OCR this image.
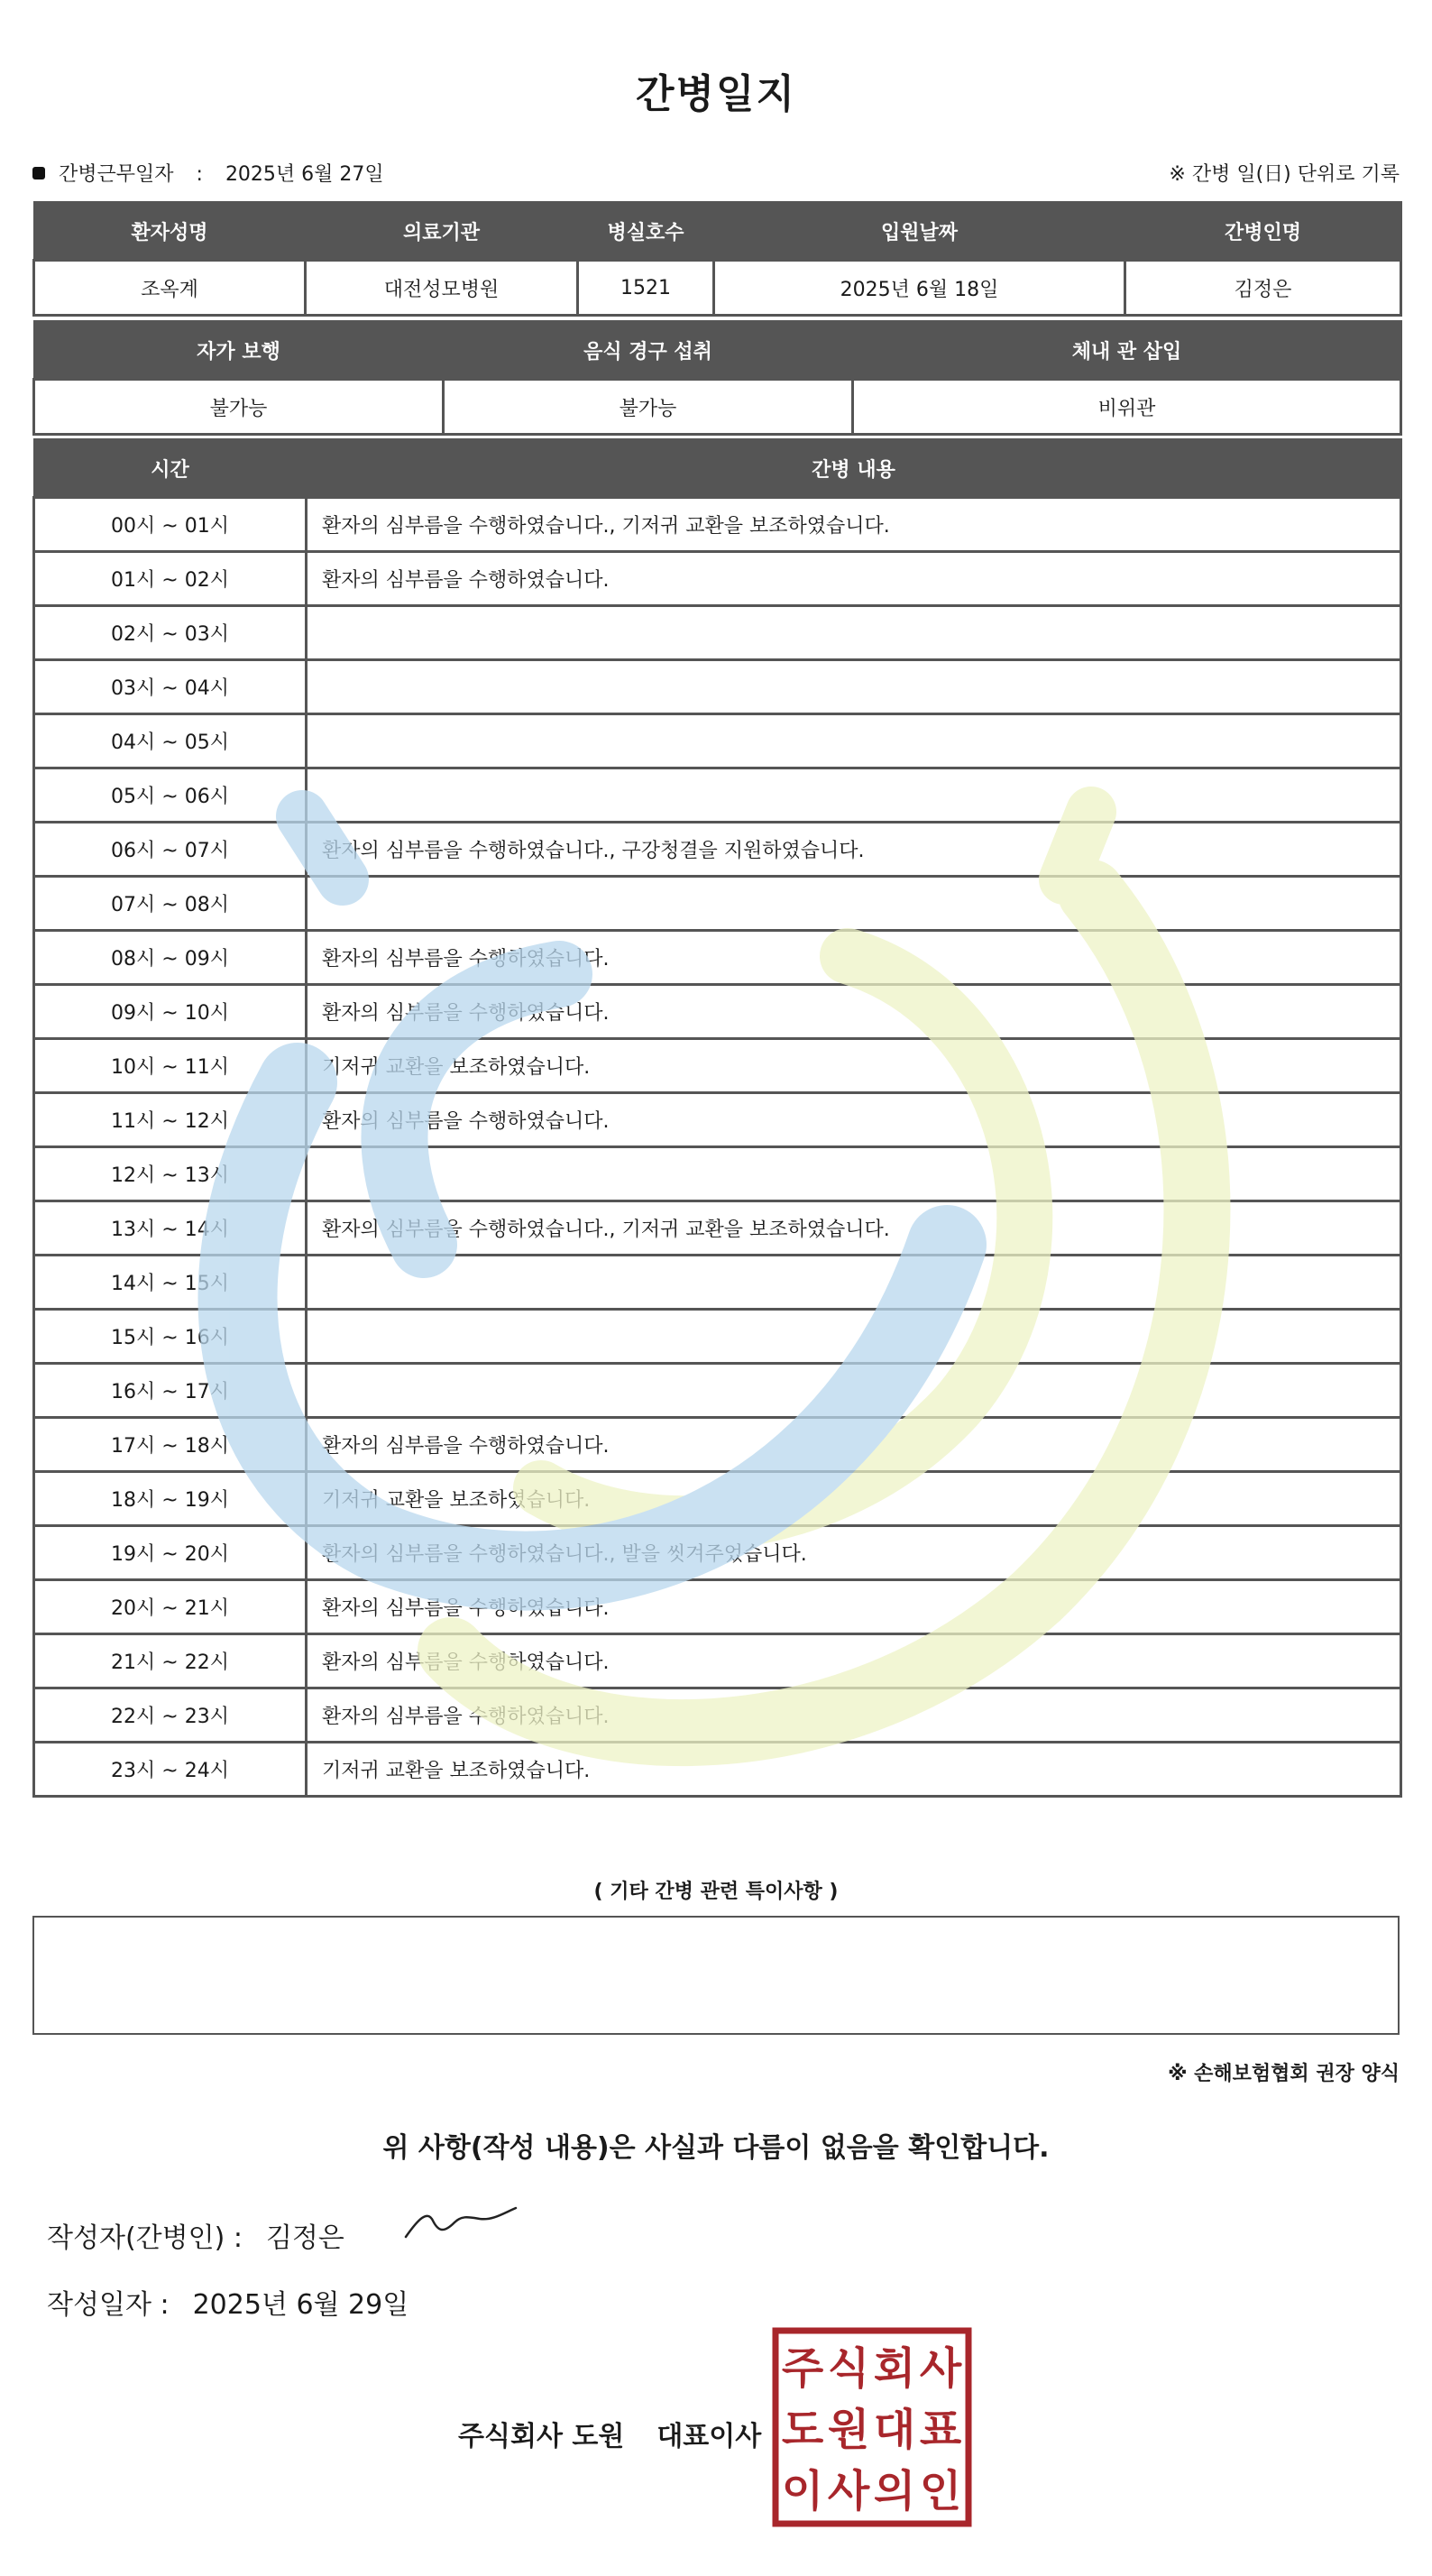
간병일지
간병근무일자 : 2025년 6월 27일	※ 간병 일(日) 단위로 기록
환자성명	의료기관	병실호수	입원날짜	간병인명
조옥계	대전성모병원	1521	2025년 6월 18일	김정은
자가 보행	음식 경구 섭취	체내 관 삽입
불가능	불가능	비위관
시간	간병 내용
00시 ~ 01시	환자의 심부름을 수행하였습니다., 기저귀 교환을 보조하였습니다.
01시 ~ 02시	환자의 심부름을 수행하였습니다.
02시 ~ 03시	
03시 ~ 04시	
04시 ~ 05시	
05시 ~ 06시	
06시 ~ 07시	환자의 심부름을 수행하였습니다., 구강청결을 지원하였습니다.
07시 ~ 08시	
08시 ~ 09시	환자의 심부름을 수행하였습니다.
09시 ~ 10시	환자의 심부름을 수행하였습니다.
10시 ~ 11시	기저귀 교환을 보조하였습니다.
11시 ~ 12시	환자의 심부름을 수행하였습니다.
12시 ~ 13시	
13시 ~ 14시	환자의 심부름을 수행하였습니다., 기저귀 교환을 보조하였습니다.
14시 ~ 15시	
15시 ~ 16시	
16시 ~ 17시	
17시 ~ 18시	환자의 심부름을 수행하였습니다.
18시 ~ 19시	기저귀 교환을 보조하였습니다.
19시 ~ 20시	환자의 심부름을 수행하였습니다., 발을 씻겨주었습니다.
20시 ~ 21시	환자의 심부름을 수행하였습니다.
21시 ~ 22시	환자의 심부름을 수행하였습니다.
22시 ~ 23시	환자의 심부름을 수행하였습니다.
23시 ~ 24시	기저귀 교환을 보조하였습니다.
( 기타 간병 관련 특이사항 )
※ 손해보험협회 권장 양식
위 사항(작성 내용)은 사실과 다름이 없음을 확인합니다.
작성자(간병인) : 김정은
작성일자 : 2025년 6월 29일
주식회사 도원 대표이사
주 식 회 사
도 원 대 표
이 사 의 인
